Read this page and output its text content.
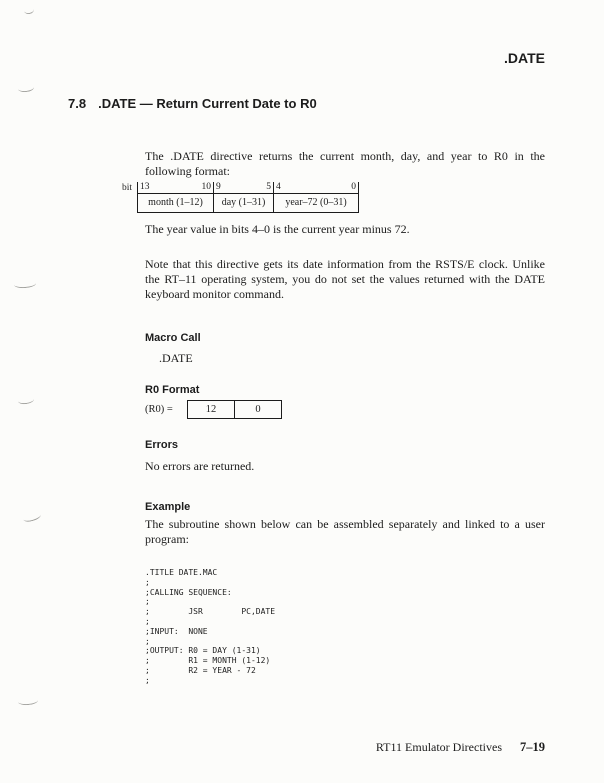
.DATE
7.8 .DATE — Return Current Date to R0
The .DATE directive returns the current month, day, and year to R0 in the following format:
bit 13	10 9	5 4	0
month (1–12)	day (1–31)	year–72 (0–31)
The year value in bits 4–0 is the current year minus 72.
Note that this directive gets its date information from the RSTS/E clock. Unlike the RT–11 operating system, you do not set the values returned with the DATE keyboard monitor command.
Macro Call
.DATE
R0 Format
(R0) =	12	0
Errors
No errors are returned.
Example
The subroutine shown below can be assembled separately and linked to a user program:
.TITLE DATE.MAC
;
;CALLING SEQUENCE:
;
;        JSR        PC,DATE
;
;INPUT:  NONE
;
;OUTPUT: R0 = DAY (1-31)
;        R1 = MONTH (1-12)
;        R2 = YEAR - 72
;
RT11 Emulator Directives 7–19
